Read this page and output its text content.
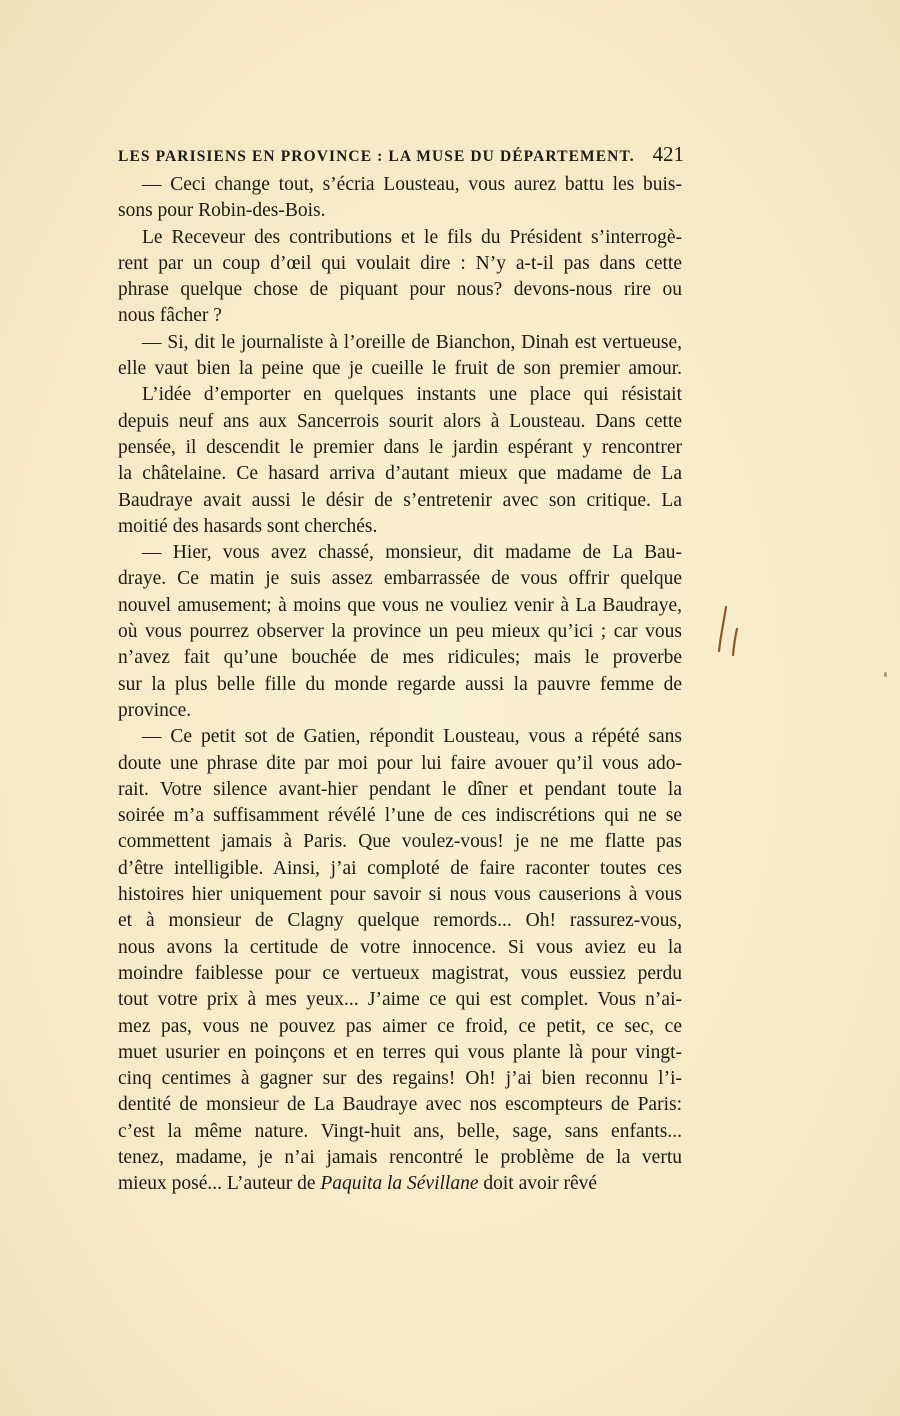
LES PARISIENS EN PROVINCE : LA MUSE DU DÉPARTEMENT. 421
— Ceci change tout, s’écria Lousteau, vous aurez battu les buis-
sons pour Robin-des-Bois.
Le Receveur des contributions et le fils du Président s’interrogè-
rent par un coup d’œil qui voulait dire : N’y a-t-il pas dans cette
phrase quelque chose de piquant pour nous? devons-nous rire ou
nous fâcher ?
— Si, dit le journaliste à l’oreille de Bianchon, Dinah est vertueuse,
elle vaut bien la peine que je cueille le fruit de son premier amour.
L’idée d’emporter en quelques instants une place qui résistait
depuis neuf ans aux Sancerrois sourit alors à Lousteau. Dans cette
pensée, il descendit le premier dans le jardin espérant y rencontrer
la châtelaine. Ce hasard arriva d’autant mieux que madame de La
Baudraye avait aussi le désir de s’entretenir avec son critique. La
moitié des hasards sont cherchés.
— Hier, vous avez chassé, monsieur, dit madame de La Bau-
draye. Ce matin je suis assez embarrassée de vous offrir quelque
nouvel amusement; à moins que vous ne vouliez venir à La Baudraye,
où vous pourrez observer la province un peu mieux qu’ici ; car vous
n’avez fait qu’une bouchée de mes ridicules; mais le proverbe
sur la plus belle fille du monde regarde aussi la pauvre femme de
province.
— Ce petit sot de Gatien, répondit Lousteau, vous a répété sans
doute une phrase dite par moi pour lui faire avouer qu’il vous ado-
rait. Votre silence avant-hier pendant le dîner et pendant toute la
soirée m’a suffisamment révélé l’une de ces indiscrétions qui ne se
commettent jamais à Paris. Que voulez-vous! je ne me flatte pas
d’être intelligible. Ainsi, j’ai comploté de faire raconter toutes ces
histoires hier uniquement pour savoir si nous vous causerions à vous
et à monsieur de Clagny quelque remords... Oh! rassurez-vous,
nous avons la certitude de votre innocence. Si vous aviez eu la
moindre faiblesse pour ce vertueux magistrat, vous eussiez perdu
tout votre prix à mes yeux... J’aime ce qui est complet. Vous n’ai-
mez pas, vous ne pouvez pas aimer ce froid, ce petit, ce sec, ce
muet usurier en poinçons et en terres qui vous plante là pour vingt-
cinq centimes à gagner sur des regains! Oh! j’ai bien reconnu l’i-
dentité de monsieur de La Baudraye avec nos escompteurs de Paris:
c’est la même nature. Vingt-huit ans, belle, sage, sans enfants...
tenez, madame, je n’ai jamais rencontré le problème de la vertu
mieux posé... L’auteur de Paquita la Sévillane doit avoir rêvé
